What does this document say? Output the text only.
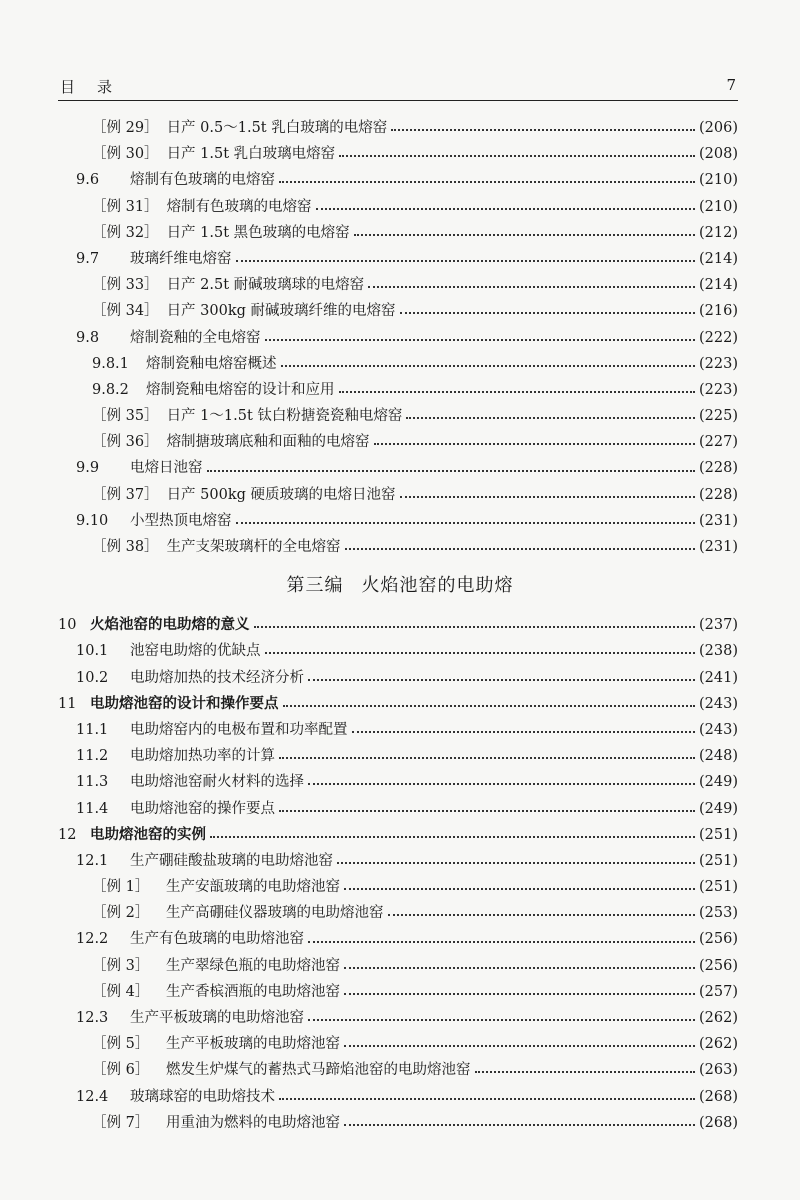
目录	7
［例 29］ 日产 0.5～1.5t 乳白玻璃的电熔窑	(206)
［例 30］ 日产 1.5t 乳白玻璃电熔窑	(208)
9.6	熔制有色玻璃的电熔窑	(210)
［例 31］ 熔制有色玻璃的电熔窑	(210)
［例 32］ 日产 1.5t 黑色玻璃的电熔窑	(212)
9.7	玻璃纤维电熔窑	(214)
［例 33］ 日产 2.5t 耐碱玻璃球的电熔窑	(214)
［例 34］ 日产 300kg 耐碱玻璃纤维的电熔窑	(216)
9.8	熔制瓷釉的全电熔窑	(222)
9.8.1	熔制瓷釉电熔窑概述	(223)
9.8.2	熔制瓷釉电熔窑的设计和应用	(223)
［例 35］ 日产 1～1.5t 钛白粉搪瓷瓷釉电熔窑	(225)
［例 36］ 熔制搪玻璃底釉和面釉的电熔窑	(227)
9.9	电熔日池窑	(228)
［例 37］ 日产 500kg 硬质玻璃的电熔日池窑	(228)
9.10	小型热顶电熔窑	(231)
［例 38］ 生产支架玻璃杆的全电熔窑	(231)
第三编 火焰池窑的电助熔
10 火焰池窑的电助熔的意义	(237)
10.1	池窑电助熔的优缺点	(238)
10.2	电助熔加热的技术经济分析	(241)
11 电助熔池窑的设计和操作要点	(243)
11.1	电助熔窑内的电极布置和功率配置	(243)
11.2	电助熔加热功率的计算	(248)
11.3	电助熔池窑耐火材料的选择	(249)
11.4	电助熔池窑的操作要点	(249)
12 电助熔池窑的实例	(251)
12.1	生产硼硅酸盐玻璃的电助熔池窑	(251)
［例 1］	生产安瓿玻璃的电助熔池窑	(251)
［例 2］	生产高硼硅仪器玻璃的电助熔池窑	(253)
12.2	生产有色玻璃的电助熔池窑	(256)
［例 3］	生产翠绿色瓶的电助熔池窑	(256)
［例 4］	生产香槟酒瓶的电助熔池窑	(257)
12.3	生产平板玻璃的电助熔池窑	(262)
［例 5］	生产平板玻璃的电助熔池窑	(262)
［例 6］	燃发生炉煤气的蓄热式马蹄焰池窑的电助熔池窑	(263)
12.4	玻璃球窑的电助熔技术	(268)
［例 7］	用重油为燃料的电助熔池窑	(268)
